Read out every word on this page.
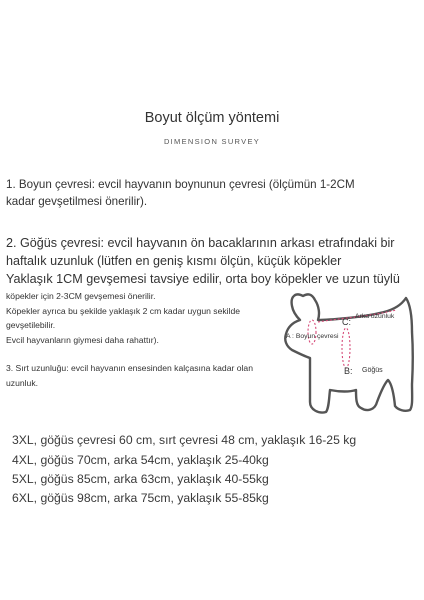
Boyut ölçüm yöntemi
DIMENSION SURVEY
1. Boyun çevresi: evcil hayvanın boynunun çevresi (ölçümün 1-2CM
kadar gevşetilmesi önerilir).
2. Göğüs çevresi: evcil hayvanın ön bacaklarının arkası etrafındaki bir
haftalık uzunluk (lütfen en geniş kısmı ölçün, küçük köpekler
Yaklaşık 1CM gevşemesi tavsiye edilir, orta boy köpekler ve uzun tüylü
köpekler için 2-3CM gevşemesi önerilir.
Köpekler ayrıca bu şekilde yaklaşık 2 cm kadar uygun sekilde
gevşetilebilir.
Evcil hayvanların giymesi daha rahattır).
3. Sırt uzunluğu: evcil hayvanın ensesinden kalçasına kadar olan
uzunluk.
A : Boyun çevresi
C:
Arka uzunluk
B: Göğüs
3XL, göğüs çevresi 60 cm, sırt çevresi 48 cm, yaklaşık 16-25 kg
4XL, göğüs 70cm, arka 54cm, yaklaşık 25-40kg
5XL, göğüs 85cm, arka 63cm, yaklaşık 40-55kg
6XL, göğüs 98cm, arka 75cm, yaklaşık 55-85kg
